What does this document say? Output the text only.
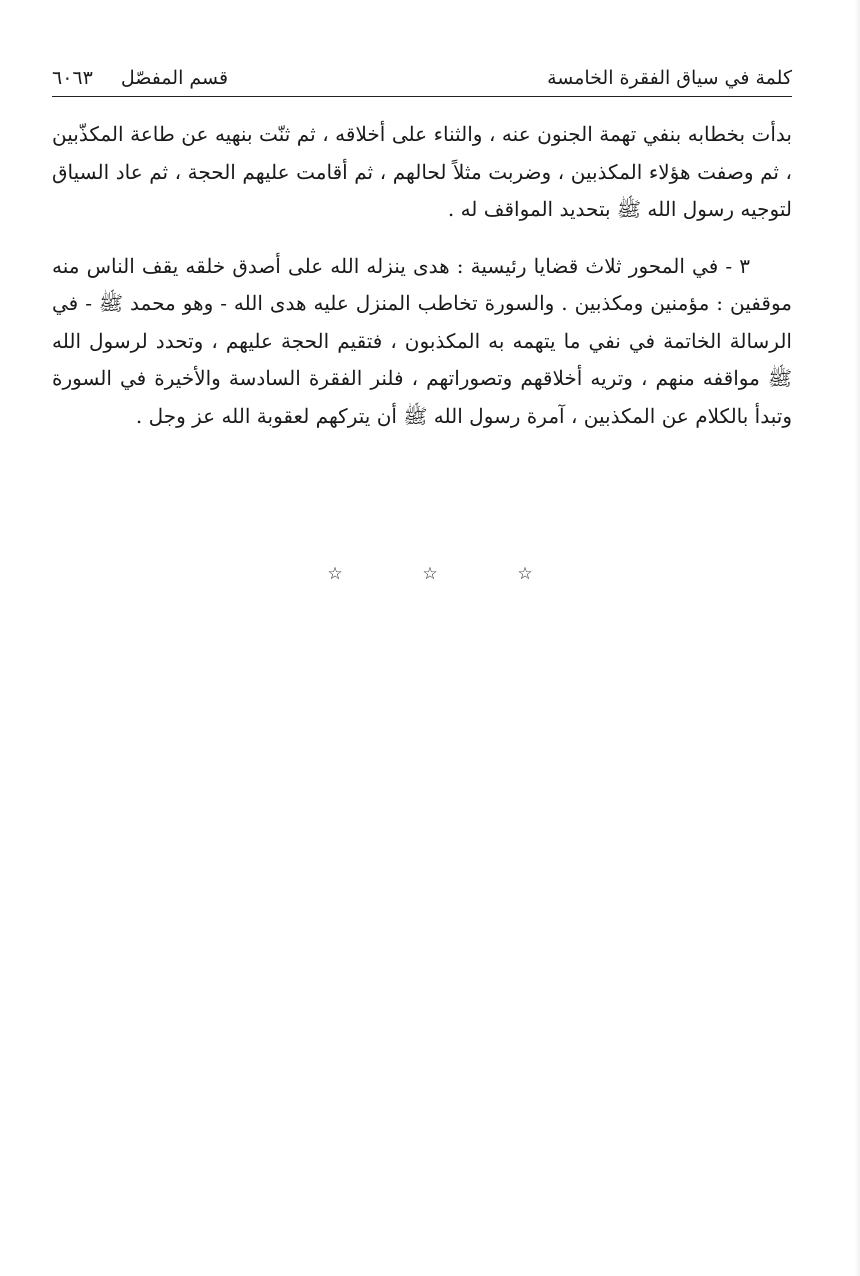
كلمة في سياق الفقرة الخامسة
قسم المفصّل
٦٠٦٣

بدأت بخطابه بنفي تهمة الجنون عنه ، والثناء على أخلاقه ، ثم ثنّت بنهيه عن طاعة المكذّبين ، ثم وصفت هؤلاء المكذبين ، وضربت مثلاً لحالهم ، ثم أقامت عليهم الحجة ، ثم عاد السياق لتوجيه رسول الله ﷺ بتحديد المواقف له .

٣ - في المحور ثلاث قضايا رئيسية : هدى ينزله الله على أصدق خلقه يقف الناس منه موقفين : مؤمنين ومكذبين . والسورة تخاطب المنزل عليه هدى الله - وهو محمد ﷺ - في الرسالة الخاتمة في نفي ما يتهمه به المكذبون ، فتقيم الحجة عليهم ، وتحدد لرسول الله ﷺ مواقفه منهم ، وتريه أخلاقهم وتصوراتهم ، فلنر الفقرة السادسة والأخيرة في السورة وتبدأ بالكلام عن المكذبين ، آمرة رسول الله ﷺ أن يتركهم لعقوبة الله عز وجل .

☆
☆
☆
